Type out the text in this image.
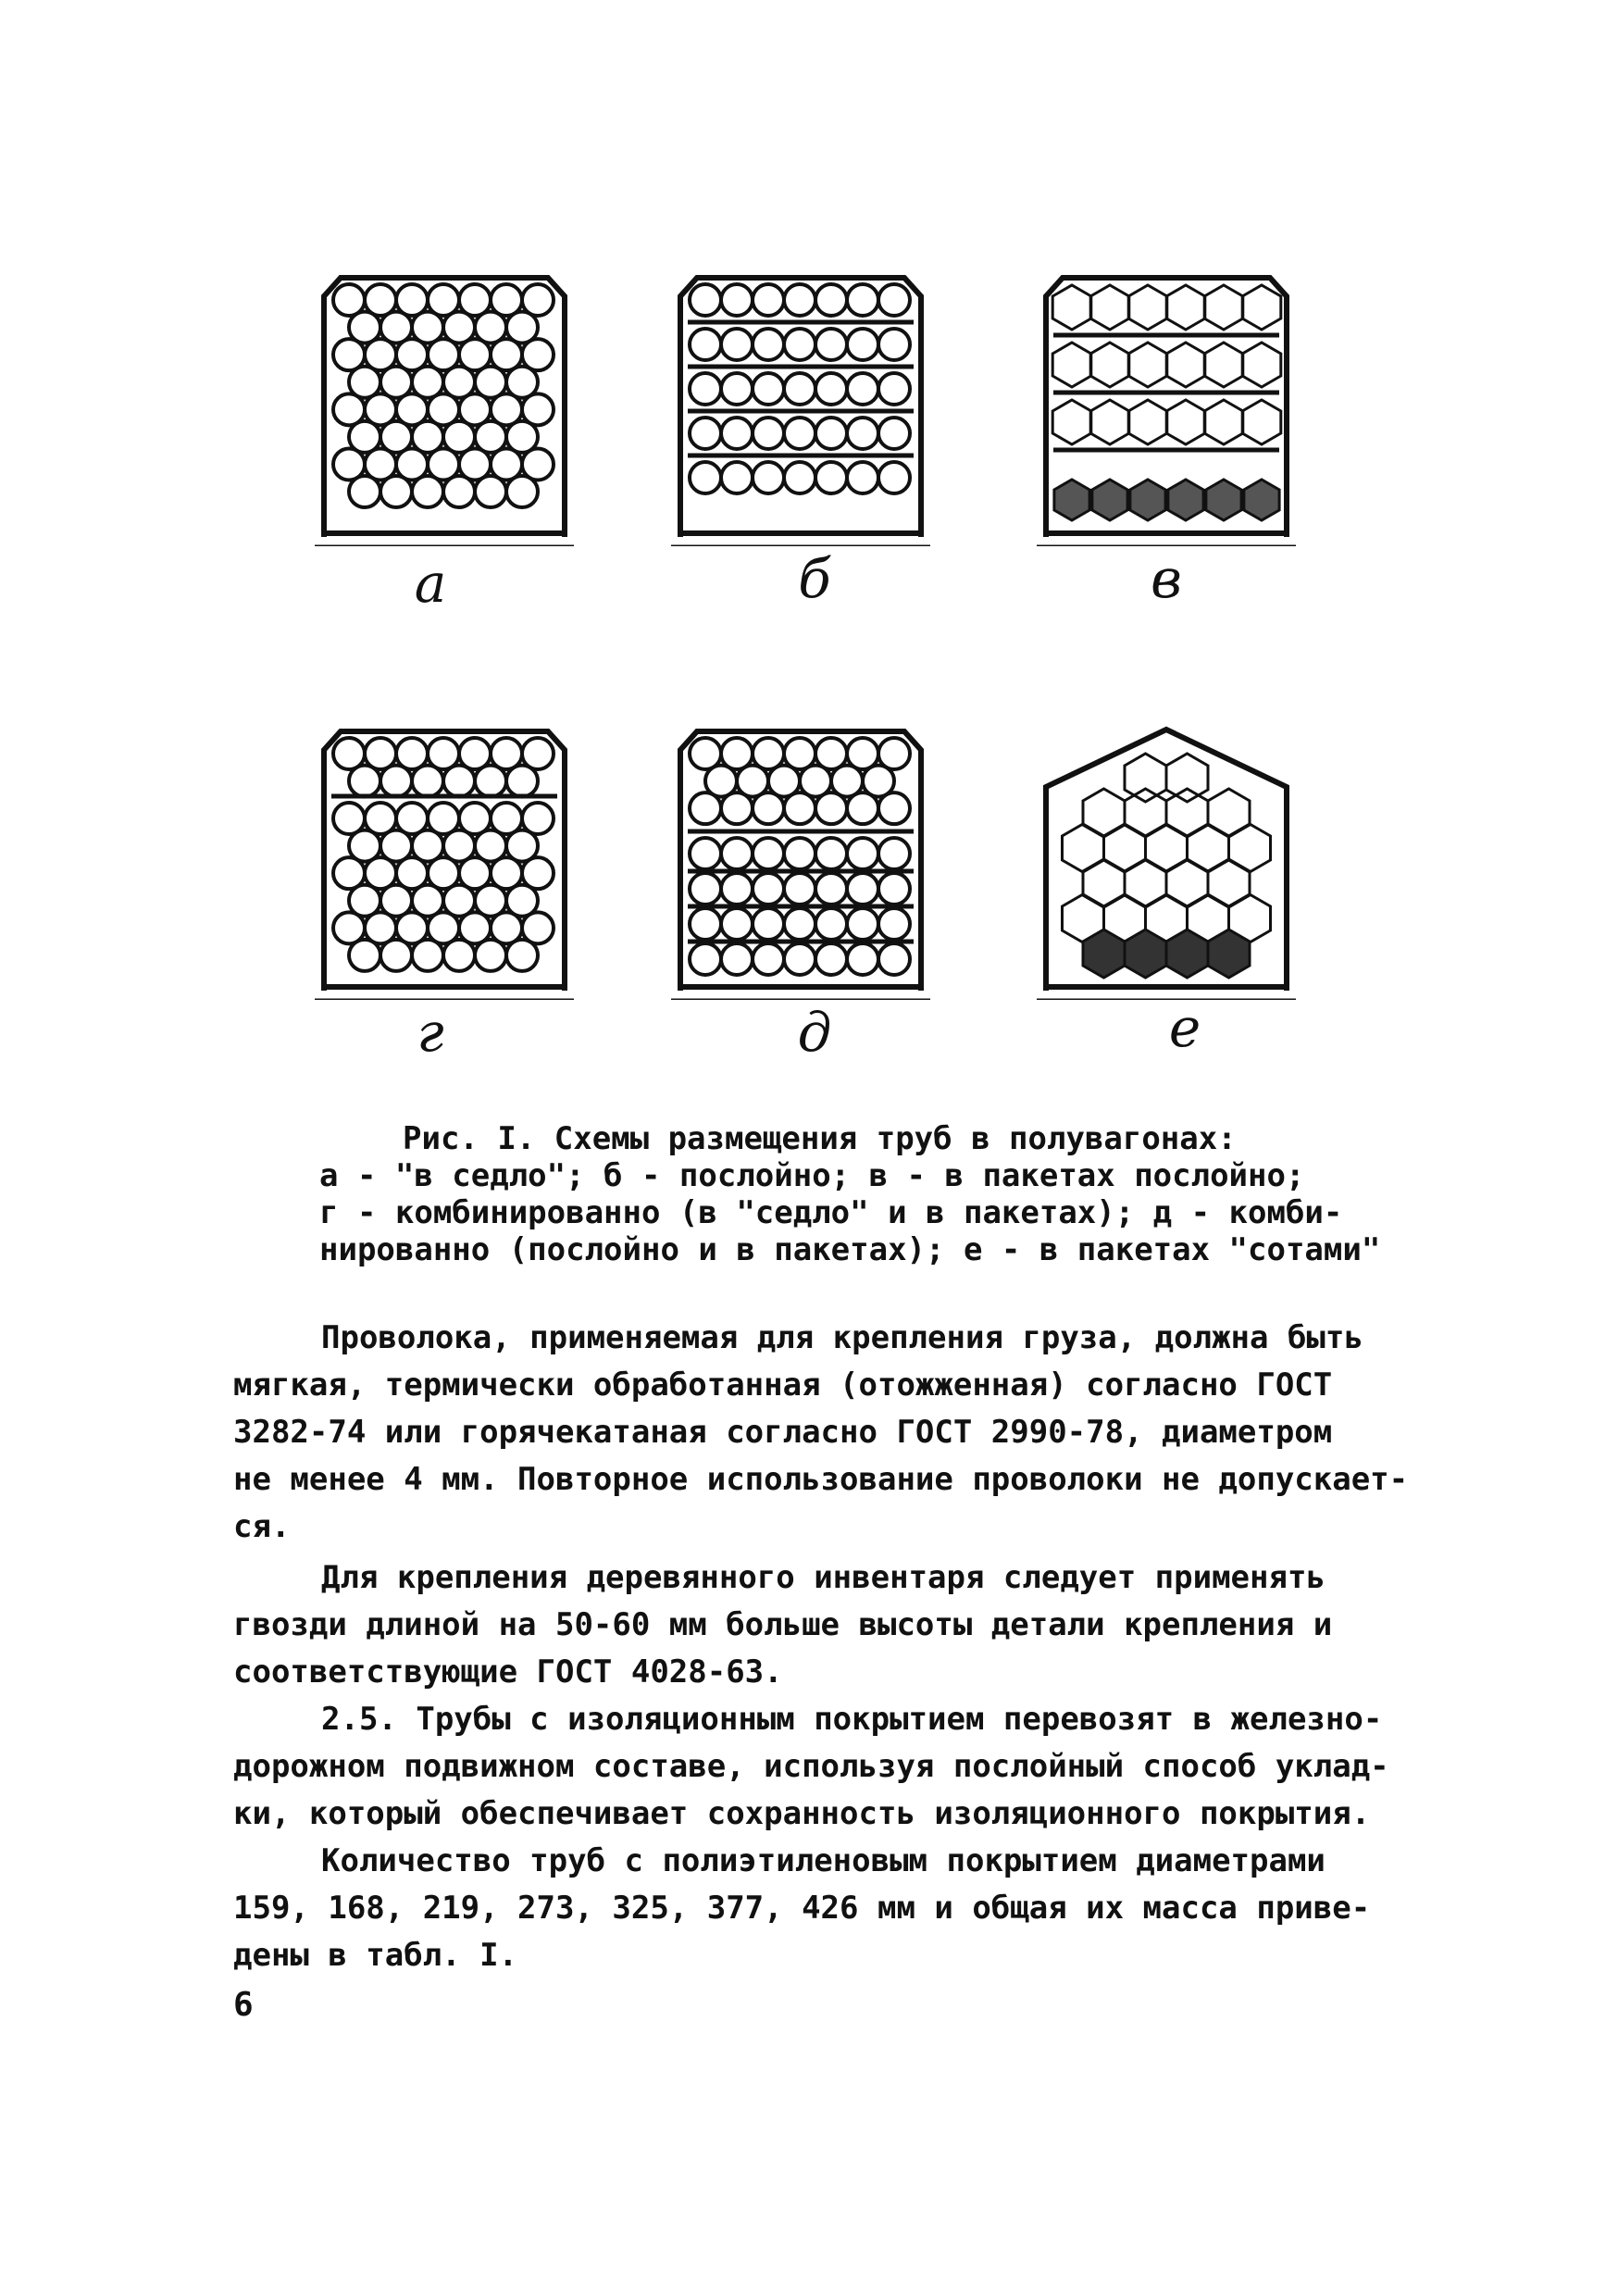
a	б	в
г	д	е
Рис. I. Схемы размещения труб в полувагонах:
а - "в седло"; б - послойно; в - в пакетах послойно;
г - комбинированно (в "седло" и в пакетах); д - комби-
нированно (послойно и в пакетах); е - в пакетах "сотами"

Проволока, применяемая для крепления груза, должна быть
мягкая, термически обработанная (отожженная) согласно ГОСТ
3282-74 или горячекатаная согласно ГОСТ 2990-78, диаметром
не менее 4 мм. Повторное использование проволоки не допускает-
ся.

Для крепления деревянного инвентаря следует применять
гвозди длиной на 50-60 мм больше высоты детали крепления и
соответствующие ГОСТ 4028-63.

2.5. Трубы с изоляционным покрытием перевозят в железно-
дорожном подвижном составе, используя послойный способ уклад-
ки, который обеспечивает сохранность изоляционного покрытия.

Количество труб с полиэтиленовым покрытием диаметрами
159, 168, 219, 273, 325, 377, 426 мм и общая их масса приве-
дены в табл. I.

6
